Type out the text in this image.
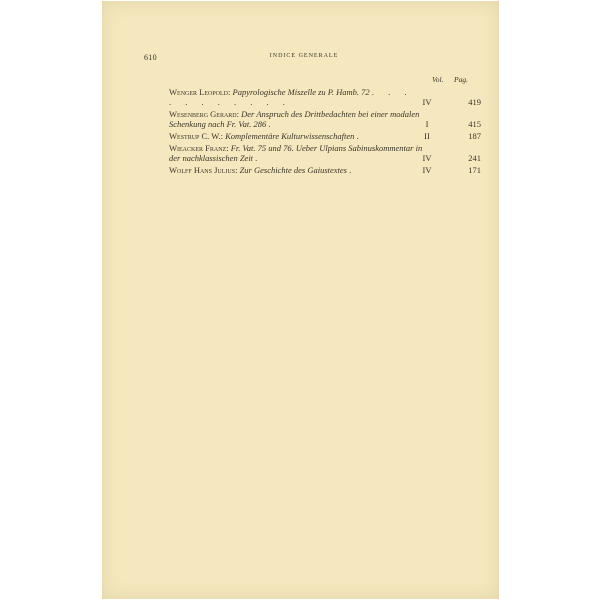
610	INDICE GENERALE
Vol. Pag.
Wenger Leopold: Papyrologische Miszelle zu P. Hamb. 72 . . . . . . . . . . .	IV	419
Wesenberg Gerard: Der Anspruch des Drittbedachten bei einer modalen Schenkung nach Fr. Vat. 286 .	I	415
Westrup C. W.: Komplementäre Kulturwissenschaften .	II	187
Wieacker Franz: Fr. Vat. 75 und 76. Ueber Ulpians Sabinuskommentar in der nachklassischen Zeit .	IV	241
Wolff Hans Julius: Zur Geschichte des Gaiustextes .	IV	171
